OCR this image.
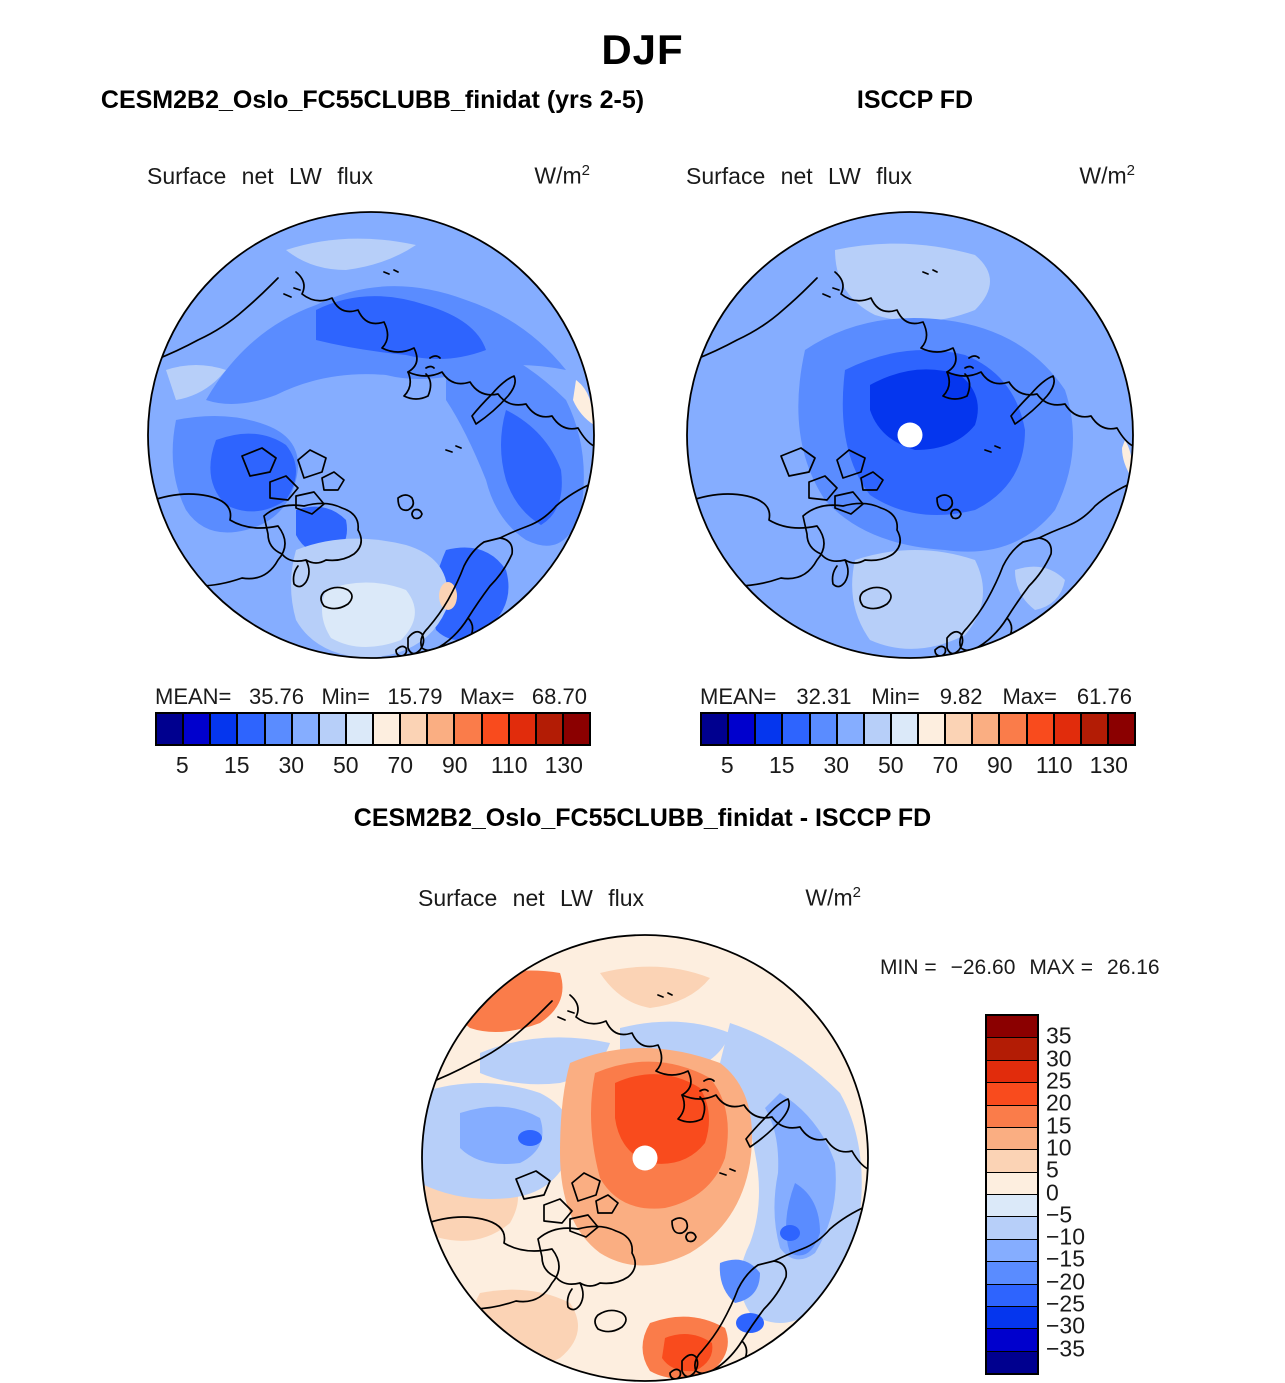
DJF
CESM2B2_Oslo_FC55CLUBB_finidat (yrs 2-5)	ISCCP FD
CESM2B2_Oslo_FC55CLUBB_finidat - ISCCP FD
Surface net LW flux	$W/m^2$	Surface net LW flux	$W/m^2$
Surface net LW flux	$W/m^2$
MEAN= 35.76 Min= 15.79 Max= 68.70	MEAN= 32.31 Min= 9.82 Max= 61.76
5 15 30 50 70 90 110 130	5 15 30 50 70 90 110 130
MIN = −26.60 MAX = 26.16
35
30
25
20
15
10
5
0
−5
−10
−15
−20
−25
−30
−35
